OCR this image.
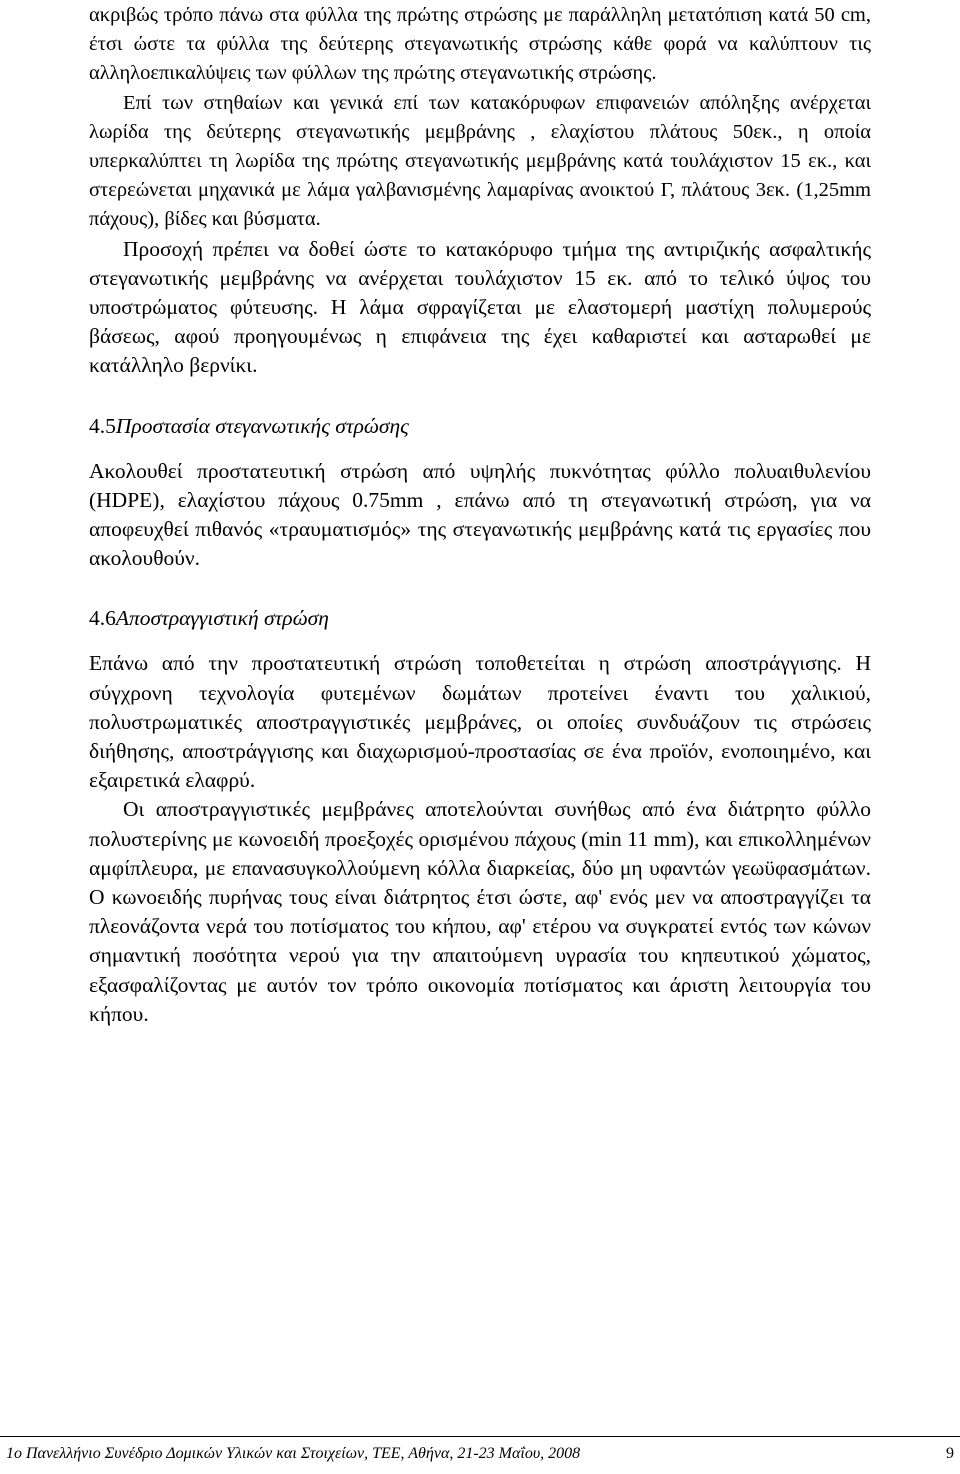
ακριβώς τρόπο πάνω στα φύλλα της πρώτης στρώσης με παράλληλη μετατόπιση κατά 50 cm, έτσι ώστε τα φύλλα της δεύτερης στεγανωτικής στρώσης κάθε φορά να καλύπτουν τις αλληλοεπικαλύψεις των φύλλων της πρώτης στεγανωτικής στρώσης.

Επί των στηθαίων και γενικά επί των κατακόρυφων επιφανειών απόληξης ανέρχεται λωρίδα της δεύτερης στεγανωτικής μεμβράνης , ελαχίστου πλάτους 50εκ., η οποία υπερκαλύπτει τη λωρίδα της πρώτης στεγανωτικής μεμβράνης κατά τουλάχιστον 15 εκ., και στερεώνεται μηχανικά με λάμα γαλβανισμένης λαμαρίνας ανοικτού Γ, πλάτους 3εκ. (1,25mm πάχους), βίδες και βύσματα.

Προσοχή πρέπει να δοθεί ώστε το κατακόρυφο τμήμα της αντιριζικής ασφαλτικής στεγανωτικής μεμβράνης να ανέρχεται τουλάχιστον 15 εκ. από το τελικό ύψος του υποστρώματος φύτευσης. Η λάμα σφραγίζεται με ελαστομερή μαστίχη πολυμερούς βάσεως, αφού προηγουμένως η επιφάνεια της έχει καθαριστεί και ασταρωθεί με κατάλληλο βερνίκι.

4.5Προστασία στεγανωτικής στρώσης

Ακολουθεί προστατευτική στρώση από υψηλής πυκνότητας φύλλο πολυαιθυλενίου (HDPE), ελαχίστου πάχους 0.75mm , επάνω από τη στεγανωτική στρώση, για να αποφευχθεί πιθανός «τραυματισμός» της στεγανωτικής μεμβράνης κατά τις εργασίες που ακολουθούν.

4.6Αποστραγγιστική στρώση

Επάνω από την προστατευτική στρώση τοποθετείται η στρώση αποστράγγισης. Η σύγχρονη τεχνολογία φυτεμένων δωμάτων προτείνει έναντι του χαλικιού, πολυστρωματικές αποστραγγιστικές μεμβράνες, οι οποίες συνδυάζουν τις στρώσεις διήθησης, αποστράγγισης και διαχωρισμού-προστασίας σε ένα προϊόν, ενοποιημένο, και εξαιρετικά ελαφρύ.

Οι αποστραγγιστικές μεμβράνες αποτελούνται συνήθως από ένα διάτρητο φύλλο πολυστερίνης με κωνοειδή προεξοχές ορισμένου πάχους (min 11 mm), και επικολλημένων αμφίπλευρα, με επανασυγκολλούμενη κόλλα διαρκείας, δύο μη υφαντών γεωϋφασμάτων. Ο κωνοειδής πυρήνας τους είναι διάτρητος έτσι ώστε, αφ' ενός μεν να αποστραγγίζει τα πλεονάζοντα νερά του ποτίσματος του κήπου, αφ' ετέρου να συγκρατεί εντός των κώνων σημαντική ποσότητα νερού για την απαιτούμενη υγρασία του κηπευτικού χώματος, εξασφαλίζοντας με αυτόν τον τρόπο οικονομία ποτίσματος και άριστη λειτουργία του κήπου.

1ο Πανελλήνιο Συνέδριο Δομικών Υλικών και Στοιχείων, ΤΕΕ, Αθήνα, 21-23 Μαΐου, 2008	9
